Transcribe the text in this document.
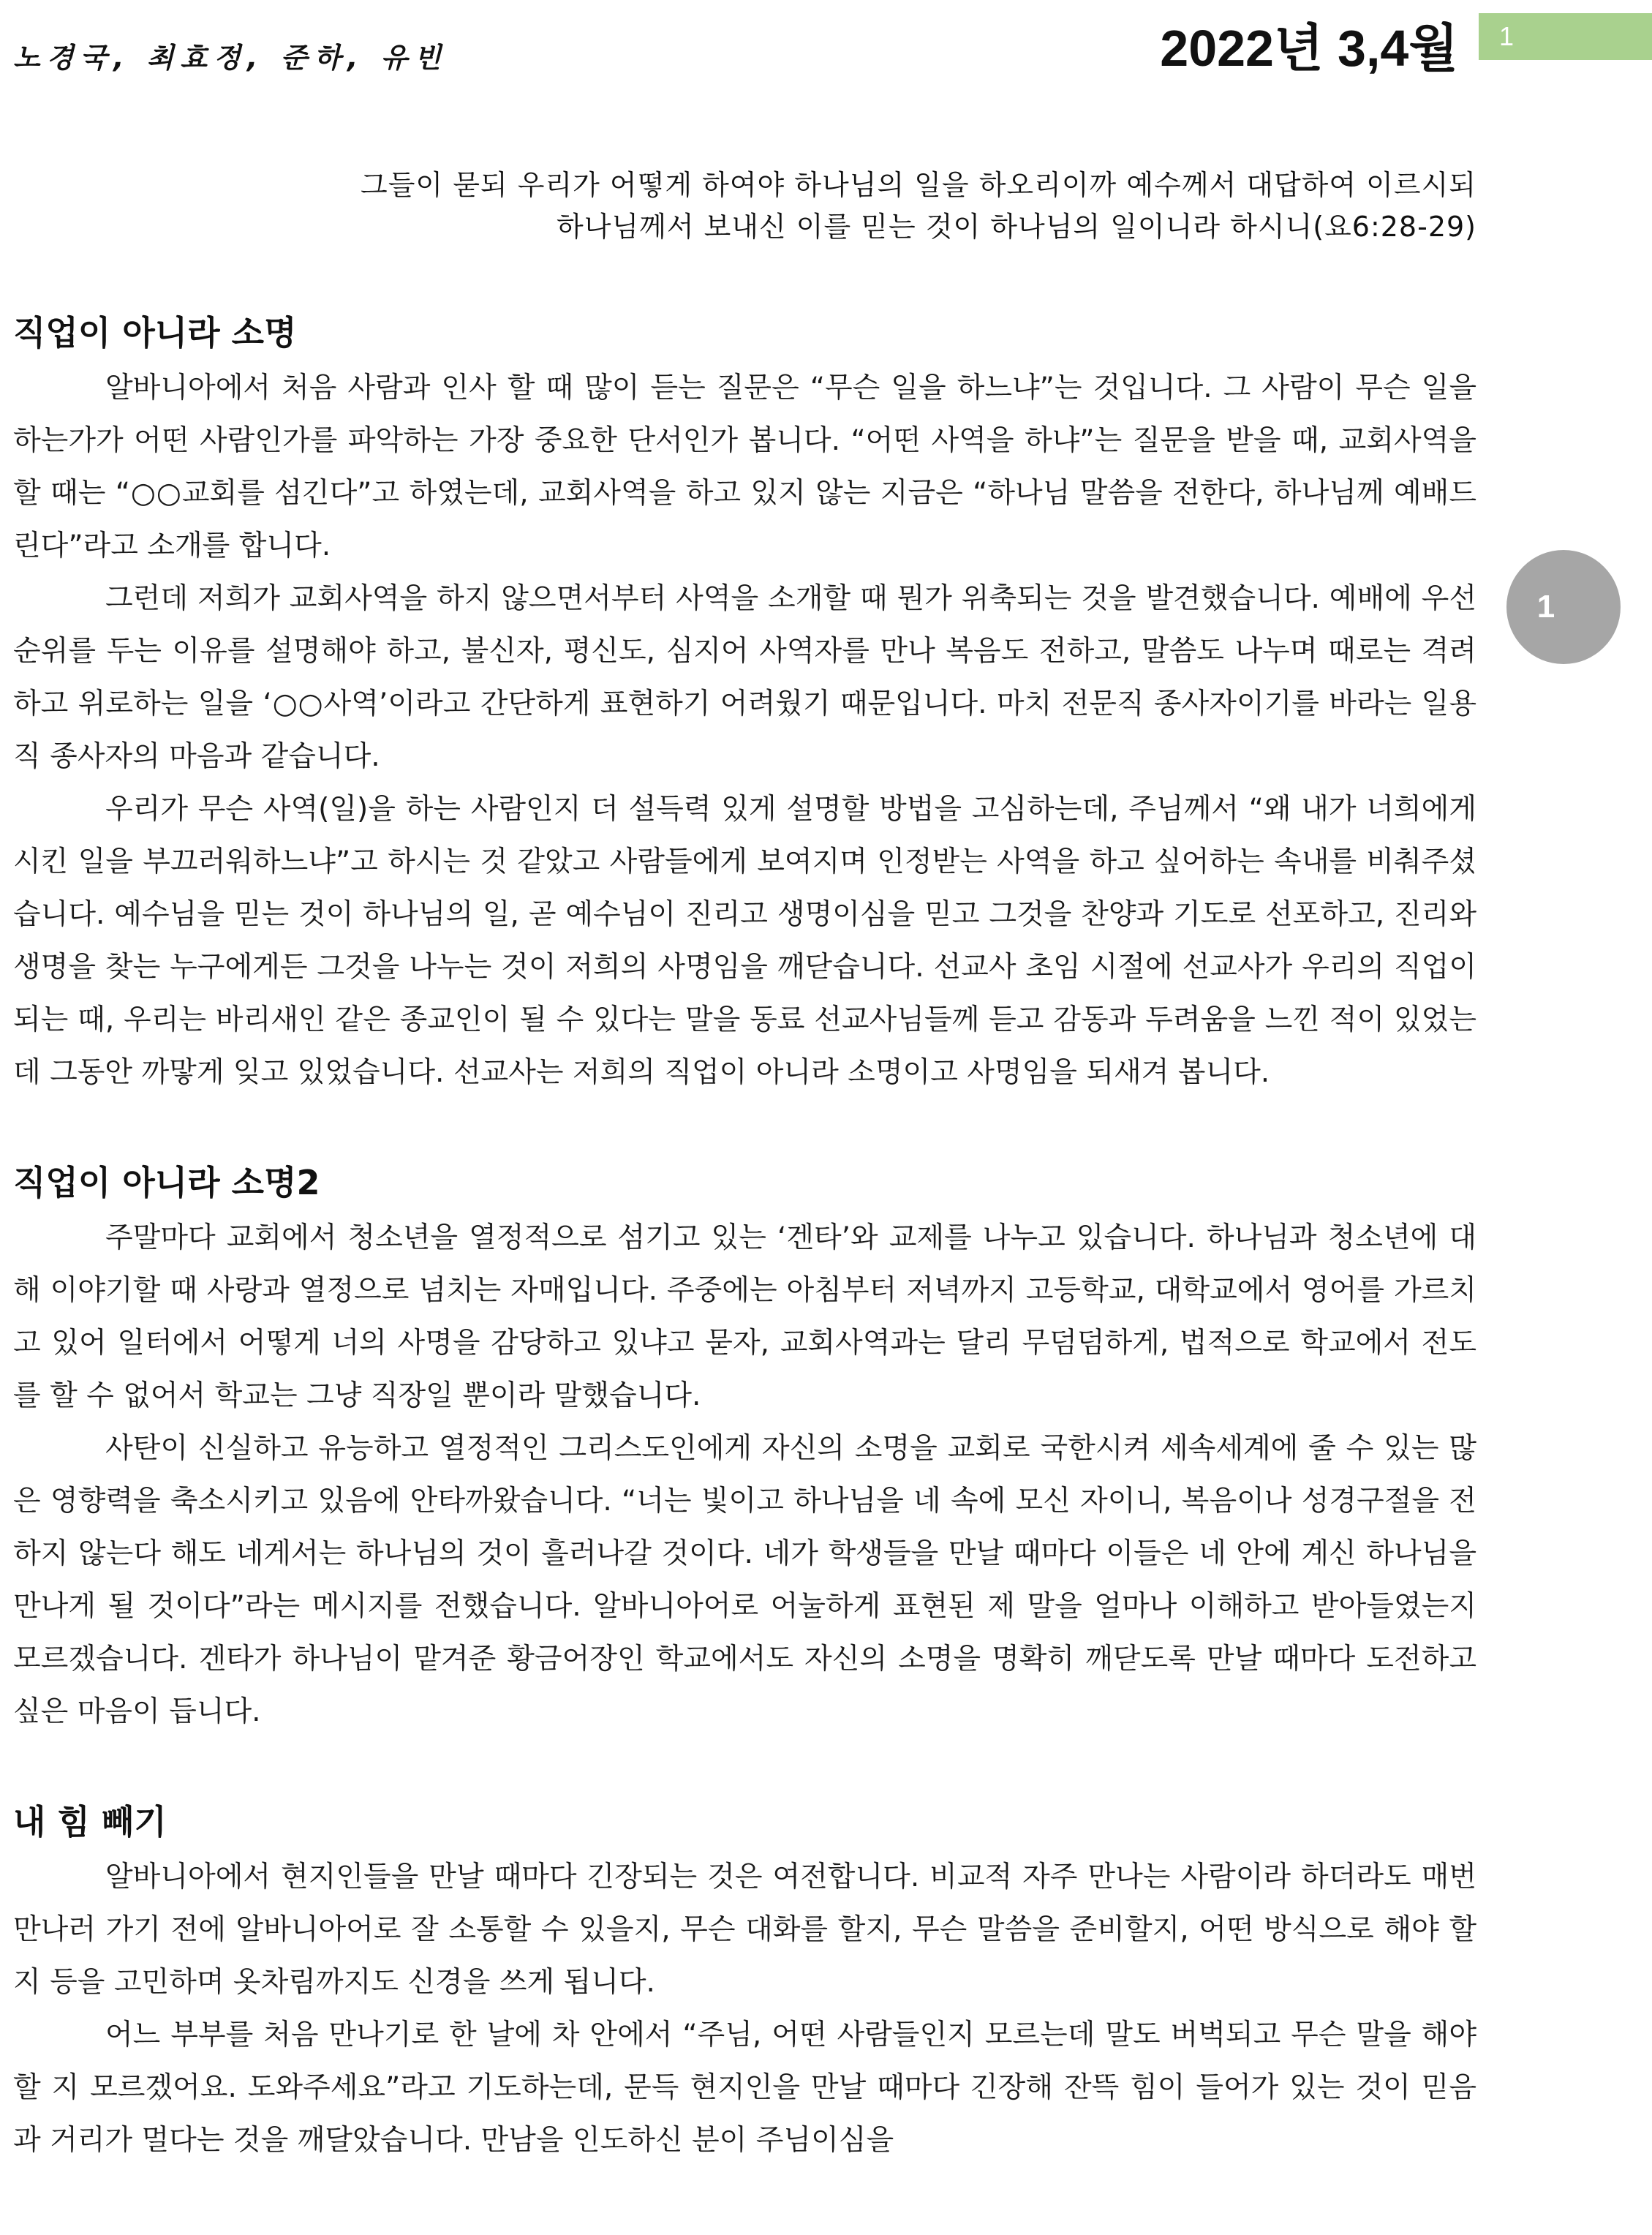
노경국, 최효정, 준하, 유빈	2022년 3,4월	1
그들이 묻되 우리가 어떻게 하여야 하나님의 일을 하오리이까 예수께서 대답하여 이르시되
하나님께서 보내신 이를 믿는 것이 하나님의 일이니라 하시니(요6:28-29)
1
직업이 아니라 소명

알바니아에서 처음 사람과 인사 할 때 많이 듣는 질문은 “무슨 일을 하느냐”는 것입니다. 그 사람이 무슨 일을 하는가가 어떤 사람인가를 파악하는 가장 중요한 단서인가 봅니다. “어떤 사역을 하냐”는 질문을 받을 때, 교회사역을 할 때는 “○○교회를 섬긴다”고 하였는데, 교회사역을 하고 있지 않는 지금은 “하나님 말씀을 전한다, 하나님께 예배드린다”라고 소개를 합니다.

그런데 저희가 교회사역을 하지 않으면서부터 사역을 소개할 때 뭔가 위축되는 것을 발견했습니다. 예배에 우선순위를 두는 이유를 설명해야 하고, 불신자, 평신도, 심지어 사역자를 만나 복음도 전하고, 말씀도 나누며 때로는 격려하고 위로하는 일을 ‘○○사역’이라고 간단하게 표현하기 어려웠기 때문입니다. 마치 전문직 종사자이기를 바라는 일용직 종사자의 마음과 같습니다.

우리가 무슨 사역(일)을 하는 사람인지 더 설득력 있게 설명할 방법을 고심하는데, 주님께서 “왜 내가 너희에게 시킨 일을 부끄러워하느냐”고 하시는 것 같았고 사람들에게 보여지며 인정받는 사역을 하고 싶어하는 속내를 비춰주셨습니다. 예수님을 믿는 것이 하나님의 일, 곧 예수님이 진리고 생명이심을 믿고 그것을 찬양과 기도로 선포하고, 진리와 생명을 찾는 누구에게든 그것을 나누는 것이 저희의 사명임을 깨닫습니다. 선교사 초임 시절에 선교사가 우리의 직업이 되는 때, 우리는 바리새인 같은 종교인이 될 수 있다는 말을 동료 선교사님들께 듣고 감동과 두려움을 느낀 적이 있었는데 그동안 까맣게 잊고 있었습니다. 선교사는 저희의 직업이 아니라 소명이고 사명임을 되새겨 봅니다.

직업이 아니라 소명2

주말마다 교회에서 청소년을 열정적으로 섬기고 있는 ‘겐타’와 교제를 나누고 있습니다. 하나님과 청소년에 대해 이야기할 때 사랑과 열정으로 넘치는 자매입니다. 주중에는 아침부터 저녁까지 고등학교, 대학교에서 영어를 가르치고 있어 일터에서 어떻게 너의 사명을 감당하고 있냐고 묻자, 교회사역과는 달리 무덤덤하게, 법적으로 학교에서 전도를 할 수 없어서 학교는 그냥 직장일 뿐이라 말했습니다.

사탄이 신실하고 유능하고 열정적인 그리스도인에게 자신의 소명을 교회로 국한시켜 세속세계에 줄 수 있는 많은 영향력을 축소시키고 있음에 안타까왔습니다. “너는 빛이고 하나님을 네 속에 모신 자이니, 복음이나 성경구절을 전하지 않는다 해도 네게서는 하나님의 것이 흘러나갈 것이다. 네가 학생들을 만날 때마다 이들은 네 안에 계신 하나님을 만나게 될 것이다”라는 메시지를 전했습니다. 알바니아어로 어눌하게 표현된 제 말을 얼마나 이해하고 받아들였는지 모르겠습니다. 겐타가 하나님이 맡겨준 황금어장인 학교에서도 자신의 소명을 명확히 깨닫도록 만날 때마다 도전하고 싶은 마음이 듭니다.

내 힘 빼기

알바니아에서 현지인들을 만날 때마다 긴장되는 것은 여전합니다. 비교적 자주 만나는 사람이라 하더라도 매번 만나러 가기 전에 알바니아어로 잘 소통할 수 있을지, 무슨 대화를 할지, 무슨 말씀을 준비할지, 어떤 방식으로 해야 할지 등을 고민하며 옷차림까지도 신경을 쓰게 됩니다.

어느 부부를 처음 만나기로 한 날에 차 안에서 “주님, 어떤 사람들인지 모르는데 말도 버벅되고 무슨 말을 해야 할 지 모르겠어요. 도와주세요”라고 기도하는데, 문득 현지인을 만날 때마다 긴장해 잔뜩 힘이 들어가 있는 것이 믿음과 거리가 멀다는 것을 깨달았습니다. 만남을 인도하신 분이 주님이심을
